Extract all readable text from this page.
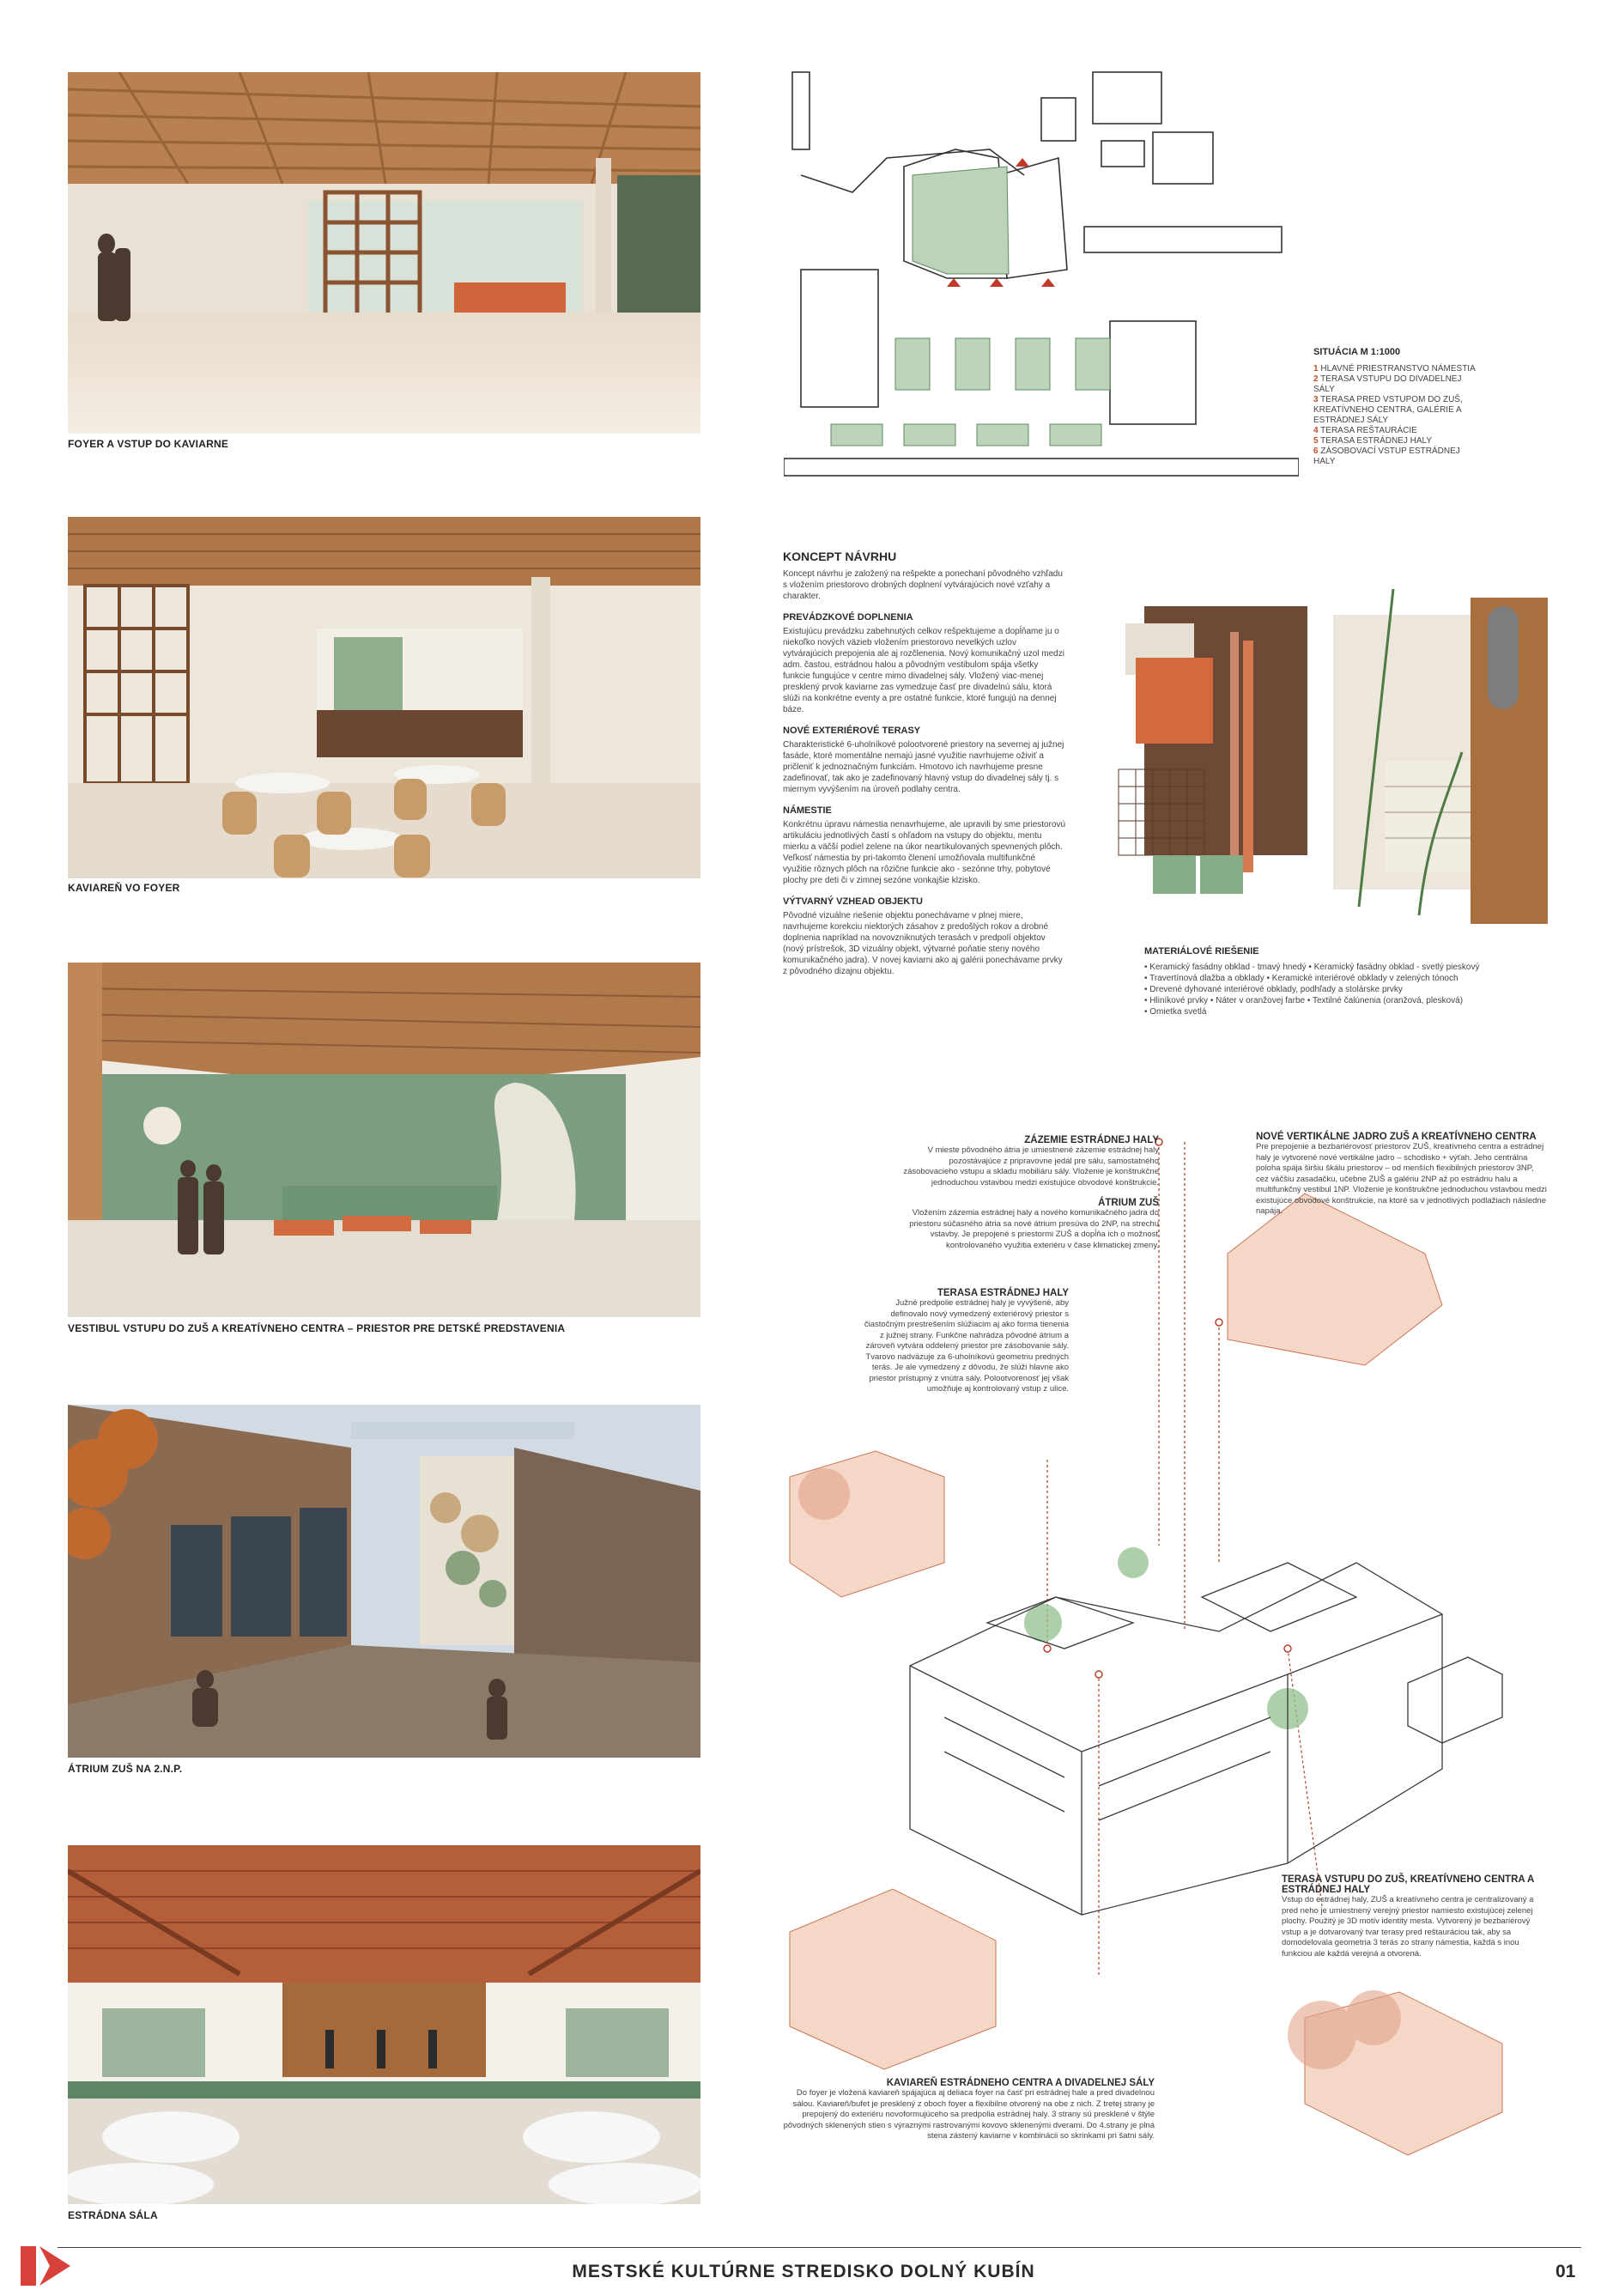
FOYER A VSTUP DO KAVIARNE
KAVIAREŇ VO FOYER
VESTIBUL VSTUPU DO ZUŠ A KREATÍVNEHO CENTRA – PRIESTOR PRE DETSKÉ PREDSTAVENIA
ÁTRIUM ZUŠ NA 2.N.P.
ESTRÁDNA SÁLA
SITUÁCIA M 1:1000
1 HLAVNÉ PRIESTRANSTVO NÁMESTIA
2 TERASA VSTUPU DO DIVADELNEJ SÁLY
3 TERASA PRED VSTUPOM DO ZUŠ, KREATÍVNEHO CENTRA, GALÉRIE A ESTRÁDNEJ SÁLY
4 TERASA REŠTAURÁCIE
5 TERASA ESTRÁDNEJ HALY
6 ZÁSOBOVACÍ VSTUP ESTRÁDNEJ HALY
KONCEPT NÁVRHU

Koncept návrhu je založený na rešpekte a ponechaní pôvodného vzhľadu s vložením priestorovo drobných doplnení vytvárajúcich nové vzťahy a charakter.

PREVÁDZKOVÉ DOPLNENIA

Existujúcu prevádzku zabehnutých celkov rešpektujeme a dopĺňame ju o niekoľko nových väzieb vložením priestorovo nevelkých uzlov vytvárajúcich prepojenia ale aj rozčlenenia. Nový komunikačný uzol medzi adm. častou, estrádnou halou a pôvodným vestibulom spája všetky funkcie fungujúce v centre mimo divadelnej sály. Vložený viac-menej presklený prvok kaviarne zas vymedzuje časť pre divadelnú sálu, ktorá slúži na konkrétne eventy a pre ostatné funkcie, ktoré fungujú na dennej báze.

NOVÉ EXTERIÉROVÉ TERASY

Charakteristické 6-uholníkové polootvorené priestory na severnej aj južnej fasáde, ktoré momentálne nemajú jasné využitie navrhujeme oživiť a pričleniť k jednoznačným funkciám. Hmotovo ich navrhujeme presne zadefinovať, tak ako je zadefinovaný hlavný vstup do divadelnej sály tj. s miernym vyvýšením na úroveň podlahy centra.

NÁMESTIE

Konkrétnu úpravu námestia nenavrhujeme, ale upravili by sme priestorovú artikuláciu jednotlivých častí s ohľadom na vstupy do objektu, mentu mierku a väčší podiel zelene na úkor neartikulovaných spevnených plôch. Veľkosť námestia by pri-takomto členení umožňovala multifunkčné využitie rôznych plôch na rôzične funkcie ako - sezónne trhy, pobytové plochy pre deti či v zimnej sezóne vonkajšie klzisko.

VÝTVARNÝ VZHEAD OBJEKTU

Pôvodné vizuálne riešenie objektu ponechávame v plnej miere, navrhujeme korekciu niektorých zásahov z predošlých rokov a drobné doplnenia napríklad na novovzniknutých terasách v predpolí objektov (nový prístrešok, 3D vizuálny objekt, výtvarné poňatie steny nového komunikačného jadra). V novej kaviarni ako aj galérii ponechávame prvky z pôvodného dizajnu objektu.

MATERIÁLOVÉ RIEŠENIE
• Keramický fasádny obklad - tmavý hnedý • Keramický fasádny obklad - svetlý pieskový
• Travertínová dlažba a obklady • Keramické interiérové obklady v zelených tónoch
• Drevené dyhované interiérové obklady, podhľady a stolárske prvky
• Hliníkové prvky • Náter v oranžovej farbe • Textilné čalúnenia (oranžová, plesková)
• Omietka svetlá
ZÁZEMIE ESTRÁDNEJ HALY
V mieste pôvodného átria je umiestnené zázemie estrádnej haly pozostávajúce z pripravovne jedál pre sálu, samostatného zásobovacieho vstupu a skladu mobiliáru sály. Vloženie je konštrukčne jednoduchou vstavbou medzi existujúce obvodové konštrukcie.
ÁTRIUM ZUŠ
Vložením zázemia estrádnej haly a nového komunikačného jadra do priestoru súčasného átria sa nové átrium presúva do 2NP, na strechu vstavby. Je prepojené s priestormi ZUŠ a dopĺňa ich o možnosť kontrolovaného využitia exteriéru v čase klimatickej zmeny.
TERASA ESTRÁDNEJ HALY
Južné predpolie estrádnej haly je vyvýšené, aby definovalo nový vymedzený exteriérový priestor s čiastočným prestrešením slúžiacim aj ako forma tienenia z južnej strany. Funkčne nahrádza pôvodné átrium a zároveň vytvára oddelený priestor pre zásobovanie sály. Tvarovo nadväzuje za 6-uholníkovú geometriu predných terás. Je ale vymedzený z dôvodu, že slúži hlavne ako priestor prístupný z vnútra sály. Polootvorenosť jej však umožňuje aj kontrolovaný vstup z ulice.
NOVÉ VERTIKÁLNE JADRO ZUŠ A KREATÍVNEHO CENTRA
Pre prepojenie a bezbariérovosť priestorov ZUŠ, kreatívneho centra a estrádnej haly je vytvorené nové vertikálne jadro – schodisko + výťah. Jeho centrálna poloha spája širšiu škálu priestorov – od menších flexibilných priestorov 3NP, cez väčšiu zasadačku, učebne ZUŠ a galériu 2NP až po estrádnu halu a multifunkčný vestibul 1NP. Vloženie je konštrukčne jednoduchou vstavbou medzi existujúce obvodové konštrukcie, na ktoré sa v jednotlivých podlažiach následne napája.
TERASA VSTUPU DO ZUŠ, KREATÍVNEHO CENTRA A ESTRÁDNEJ HALY
Vstup do estrádnej haly, ZUŠ a kreatívneho centra je centralizovaný a pred neho je umiestnený verejný priestor namiesto existujúcej zelenej plochy. Použitý je 3D motív identity mesta. Vytvorený je bezbariérový vstup a je dotvarovaný tvar terasy pred reštauráciou tak, aby sa domodelovala geometria 3 terás zo strany námestia, každá s inou funkciou ale každá verejná a otvorená.
KAVIAREŇ ESTRÁDNEHO CENTRA A DIVADELNEJ SÁLY
Do foyer je vložená kaviareň spájajúca aj deliaca foyer na časť pri estrádnej hale a pred divadelnou sálou. Kaviareň/bufet je presklený z oboch foyer a flexibilne otvorený na obe z nich. Z tretej strany je prepojený do exteriéru novoformujúceho sa predpolia estrádnej haly. 3 strany sú presklené v štýle pôvodných sklenených stien s výraznými rastrovanými kovovo sklenenými dverami. Do 4.strany je plná stena zástený kaviarne v kombinácii so skrinkami pri šatni sály.
MESTSKÉ KULTÚRNE STREDISKO DOLNÝ KUBÍN	01
